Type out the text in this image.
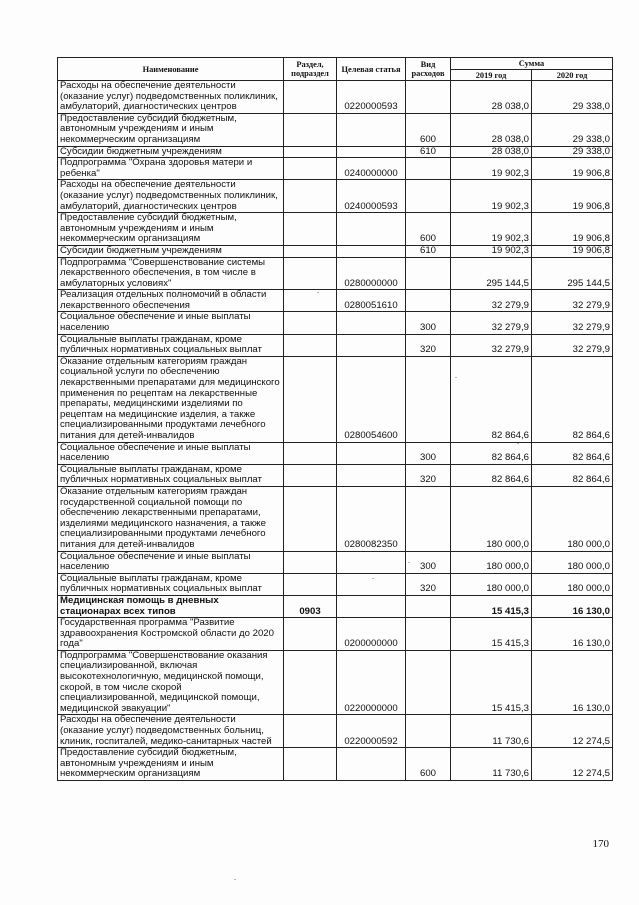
Наименование	Раздел, подраздел	Целевая статья	Вид расходов	Сумма	
				2019 год	2020 год
Расходы на обеспечение деятельности (оказание услуг) подведомственных поликлиник, амбулаторий, диагностических центров		0220000593		28 038,0	29 338,0
Предоставление субсидий бюджетным, автономным учреждениям и иным некоммерческим организациям			600	28 038,0	29 338,0
Субсидии бюджетным учреждениям			610	28 038,0	29 338,0
Подпрограмма "Охрана здоровья матери и ребенка"		0240000000		19 902,3	19 906,8
Расходы на обеспечение деятельности (оказание услуг) подведомственных поликлиник, амбулаторий, диагностических центров		0240000593		19 902,3	19 906,8
Предоставление субсидий бюджетным, автономным учреждениям и иным некоммерческим организациям			600	19 902,3	19 906,8
Субсидии бюджетным учреждениям			610	19 902,3	19 906,8
Подпрограмма "Совершенствование системы лекарственного обеспечения, в том числе в амбулаторных условиях"		0280000000		295 144,5	295 144,5
Реализация отдельных полномочий в области лекарственного обеспечения		0280051610		32 279,9	32 279,9
Социальное обеспечение и иные выплаты населению			300	32 279,9	32 279,9
Социальные выплаты гражданам, кроме публичных нормативных социальных выплат			320	32 279,9	32 279,9
Оказание отдельным категориям граждан социальной услуги по обеспечению лекарственными препаратами для медицинского применения по рецептам на лекарственные препараты, медицинскими изделиями по рецептам на медицинские изделия, а также специализированными продуктами лечебного питания для детей-инвалидов		0280054600		82 864,6	82 864,6
Социальное обеспечение и иные выплаты населению			300	82 864,6	82 864,6
Социальные выплаты гражданам, кроме публичных нормативных социальных выплат			320	82 864,6	82 864,6
Оказание отдельным категориям граждан государственной социальной помощи по обеспечению лекарственными препаратами, изделиями медицинского назначения, а также специализированными продуктами лечебного питания для детей-инвалидов		0280082350		180 000,0	180 000,0
Социальное обеспечение и иные выплаты населению			300	180 000,0	180 000,0
Социальные выплаты гражданам, кроме публичных нормативных социальных выплат			320	180 000,0	180 000,0
Медицинская помощь в дневных стационарах всех типов	0903			15 415,3	16 130,0
Государственная программа "Развитие здравоохранения Костромской области до 2020 года"		0200000000		15 415,3	16 130,0
Подпрограмма "Совершенствование оказания специализированной, включая высокотехнологичную, медицинской помощи, скорой, в том числе скорой специализированной, медицинской помощи, медицинской эвакуации"		0220000000		15 415,3	16 130,0
Расходы на обеспечение деятельности (оказание услуг) подведомственных больниц, клиник, госпиталей, медико-санитарных частей		0220000592		11 730,6	12 274,5
Предоставление субсидий бюджетным, автономным учреждениям и иным некоммерческим организациям			600	11 730,6	12 274,5
170
